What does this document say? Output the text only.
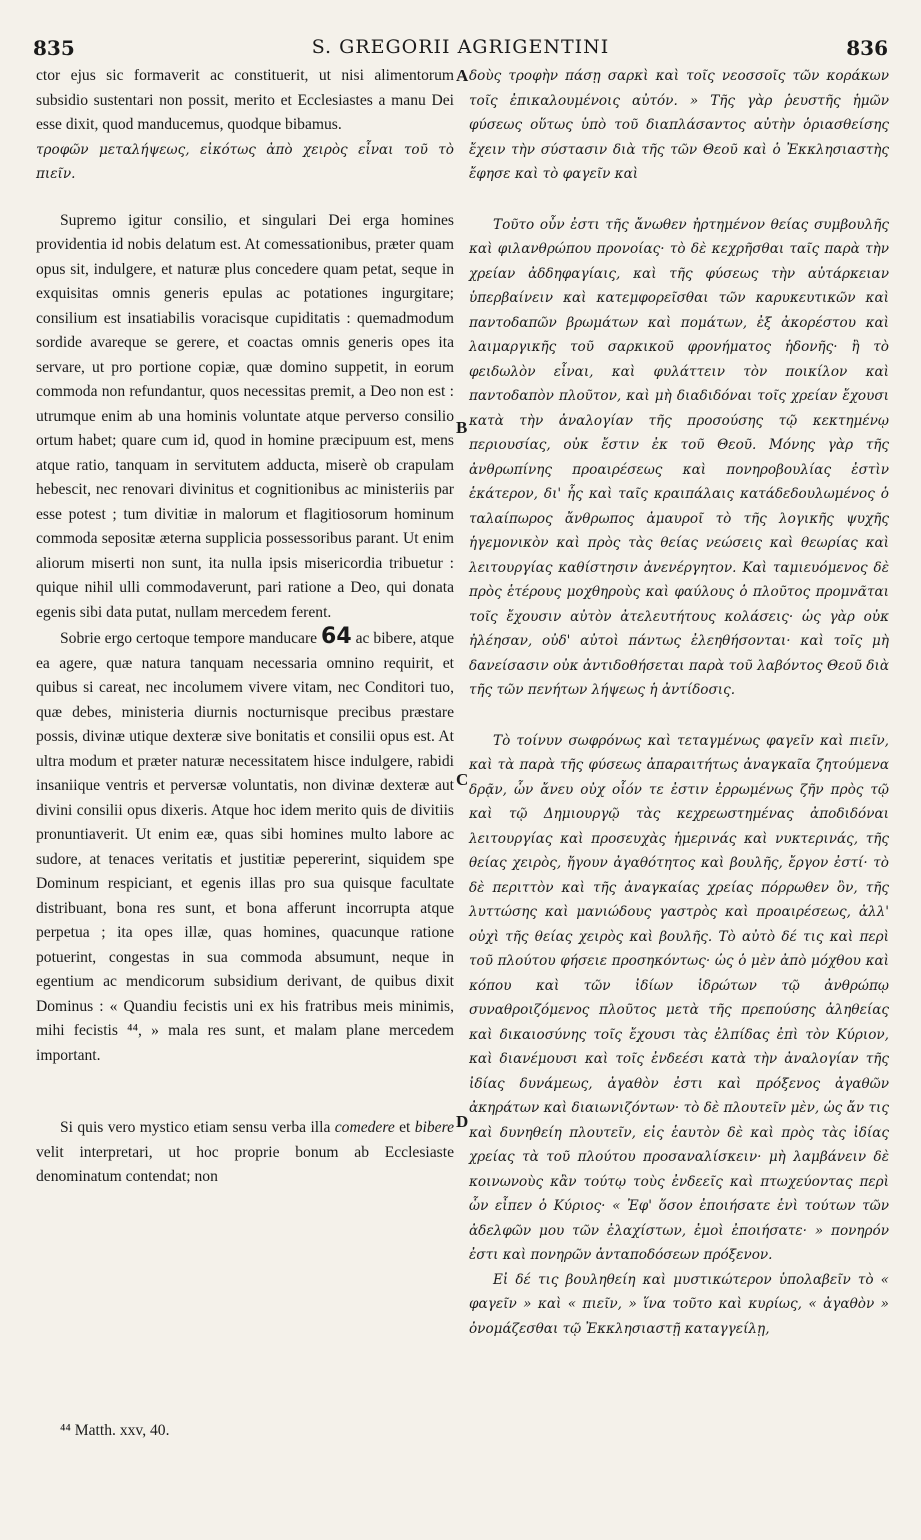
835	S. GREGORII AGRIGENTINI	836
A
B
C
D

ctor ejus sic formaverit ac constituerit, ut nisi alimentorum subsidio sustentari non possit, merito et Ecclesiastes a manu Dei esse dixit, quod manducemus, quodque bibamus.

τροφῶν μεταλήψεως, εἰκότως ἀπὸ χειρὸς εἶναι τοῦ τὸ πιεῖν.

Supremo igitur consilio, et singulari Dei erga homines providentia id nobis delatum est. At comessationibus, præter quam opus sit, indulgere, et naturæ plus concedere quam petat, seque in exquisitas omnis generis epulas ac potationes ingurgitare; consilium est insatiabilis voracisque cupiditatis : quemadmodum sordide avareque se gerere, et coactas omnis generis opes ita servare, ut pro portione copiæ, quæ domino suppetit, in eorum commoda non refundantur, quos necessitas premit, a Deo non est : utrumque enim ab una hominis voluntate atque perverso consilio ortum habet; quare cum id, quod in homine præcipuum est, mens atque ratio, tanquam in servitutem adducta, miserè ob crapulam hebescit, nec renovari divinitus et cognitionibus ac ministeriis par esse potest ; tum divitiæ in malorum et flagitiosorum hominum commoda sepositæ æterna supplicia possessoribus parant. Ut enim aliorum miserti non sunt, ita nulla ipsis misericordia tribuetur : quique nihil ulli commodaverunt, pari ratione a Deo, qui donata egenis sibi data putat, nullam mercedem ferent.

Sobrie ergo certoque tempore manducare 64 ac bibere, atque ea agere, quæ natura tanquam necessaria omnino requirit, et quibus si careat, nec incolumem vivere vitam, nec Conditori tuo, quæ debes, ministeria diurnis nocturnisque precibus præstare possis, divinæ utique dexteræ sive bonitatis et consilii opus est. At ultra modum et præter naturæ necessitatem hisce indulgere, rabidi insaniique ventris et perversæ voluntatis, non divinæ dexteræ aut divini consilii opus dixeris. Atque hoc idem merito quis de divitiis pronuntiaverit. Ut enim eæ, quas sibi homines multo labore ac sudore, at tenaces veritatis et justitiæ pepererint, siquidem spe Dominum respiciant, et egenis illas pro sua quisque facultate distribuant, bona res sunt, et bona afferunt incorrupta atque perpetua ; ita opes illæ, quas homines, quacunque ratione potuerint, congestas in sua commoda absumunt, neque in egentium ac mendicorum subsidium derivant, de quibus dixit Dominus : « Quandiu fecistis uni ex his fratribus meis minimis, mihi fecistis ⁴⁴, » mala res sunt, et malam plane mercedem important.

Si quis vero mystico etiam sensu verba illa comedere et bibere velit interpretari, ut hoc proprie bonum ab Ecclesiaste denominatum contendat; non

δοὺς τροφὴν πάσῃ σαρκὶ καὶ τοῖς νεοσσοῖς τῶν κοράκων τοῖς ἐπικαλουμένοις αὐτόν. » Τῆς γὰρ ῥευστῆς ἡμῶν φύσεως οὕτως ὑπὸ τοῦ διαπλάσαντος αὐτὴν ὁριασθείσης ἔχειν τὴν σύστασιν διὰ τῆς τῶν Θεοῦ καὶ ὁ Ἐκκλησιαστὴς ἔφησε καὶ τὸ φαγεῖν καὶ

Τοῦτο οὖν ἐστι τῆς ἄνωθεν ἠρτημένον θείας συμβουλῆς καὶ φιλανθρώπου προνοίας· τὸ δὲ κεχρῆσθαι ταῖς παρὰ τὴν χρείαν ἀδδηφαγίαις, καὶ τῆς φύσεως τὴν αὐτάρκειαν ὑπερβαίνειν καὶ κατεμφορεῖσθαι τῶν καρυκευτικῶν καὶ παντοδαπῶν βρωμάτων καὶ πομάτων, ἐξ ἀκορέστου καὶ λαιμαργικῆς τοῦ σαρκικοῦ φρονήματος ἡδονῆς· ἢ τὸ φειδωλὸν εἶναι, καὶ φυλάττειν τὸν ποικίλον καὶ παντοδαπὸν πλοῦτον, καὶ μὴ διαδιδόναι τοῖς χρείαν ἔχουσι κατὰ τὴν ἀναλογίαν τῆς προσούσης τῷ κεκτημένῳ περιουσίας, οὐκ ἔστιν ἐκ τοῦ Θεοῦ. Μόνης γὰρ τῆς ἀνθρωπίνης προαιρέσεως καὶ πονηροβουλίας ἐστὶν ἑκάτερον, δι' ἧς καὶ ταῖς κραιπάλαις κατάδεδουλωμένος ὁ ταλαίπωρος ἄνθρωπος ἀμαυροῖ τὸ τῆς λογικῆς ψυχῆς ἡγεμονικὸν καὶ πρὸς τὰς θείας νεώσεις καὶ θεωρίας καὶ λειτουργίας καθίστησιν ἀνενέργητον. Καὶ ταμιευόμενος δὲ πρὸς ἑτέρους μοχθηροὺς καὶ φαύλους ὁ πλοῦτος προμνᾶται τοῖς ἔχουσιν αὐτὸν ἀτελευτήτους κολάσεις· ὡς γὰρ οὐκ ἠλέησαν, οὐδ' αὐτοὶ πάντως ἐλεηθήσονται· καὶ τοῖς μὴ δανείσασιν οὐκ ἀντιδοθήσεται παρὰ τοῦ λαβόντος Θεοῦ διὰ τῆς τῶν πενήτων λήψεως ἡ ἀντίδοσις.

Τὸ τοίνυν σωφρόνως καὶ τεταγμένως φαγεῖν καὶ πιεῖν, καὶ τὰ παρὰ τῆς φύσεως ἀπαραιτήτως ἀναγκαῖα ζητούμενα δρᾷν, ὧν ἄνευ οὐχ οἷόν τε ἐστιν ἐρρωμένως ζῆν πρὸς τῷ καὶ τῷ Δημιουργῷ τὰς κεχρεωστημένας ἀποδιδόναι λειτουργίας καὶ προσευχὰς ἡμερινάς καὶ νυκτερινάς, τῆς θείας χειρὸς, ἤγουν ἀγαθότητος καὶ βουλῆς, ἔργον ἐστί· τὸ δὲ περιττὸν καὶ τῆς ἀναγκαίας χρείας πόρρωθεν ὂν, τῆς λυττώσης καὶ μανιώδους γαστρὸς καὶ προαιρέσεως, ἀλλ' οὐχὶ τῆς θείας χειρὸς καὶ βουλῆς. Τὸ αὐτὸ δέ τις καὶ περὶ τοῦ πλούτου φήσειε προσηκόντως· ὡς ὁ μὲν ἀπὸ μόχθου καὶ κόπου καὶ τῶν ἰδίων ἱδρώτων τῷ ἀνθρώπῳ συναθροιζόμενος πλοῦτος μετὰ τῆς πρεπούσης ἀληθείας καὶ δικαιοσύνης τοῖς ἔχουσι τὰς ἐλπίδας ἐπὶ τὸν Κύριον, καὶ διανέμουσι καὶ τοῖς ἐνδεέσι κατὰ τὴν ἀναλογίαν τῆς ἰδίας δυνάμεως, ἀγαθὸν ἐστι καὶ πρόξενος ἀγαθῶν ἀκηράτων καὶ διαιωνιζόντων· τὸ δὲ πλουτεῖν μὲν, ὡς ἄν τις καὶ δυνηθείη πλουτεῖν, εἰς ἑαυτὸν δὲ καὶ πρὸς τὰς ἰδίας χρείας τὰ τοῦ πλούτου προσαναλίσκειν· μὴ λαμβάνειν δὲ κοινωνοὺς κἂν τούτῳ τοὺς ἐνδεεῖς καὶ πτωχεύοντας περὶ ὧν εἶπεν ὁ Κύριος· « Ἐφ' ὅσον ἐποιήσατε ἑνὶ τούτων τῶν ἀδελφῶν μου τῶν ἐλαχίστων, ἐμοὶ ἐποιήσατε· » πονηρόν ἐστι καὶ πονηρῶν ἀνταποδόσεων πρόξενον.

Εἰ δέ τις βουληθείη καὶ μυστικώτερον ὑπολαβεῖν τὸ « φαγεῖν » καὶ « πιεῖν, » ἵνα τοῦτο καὶ κυρίως, « ἀγαθὸν » ὀνομάζεσθαι τῷ Ἐκκλησιαστῇ καταγγείλῃ,

⁴⁴ Matth. xxv, 40.
